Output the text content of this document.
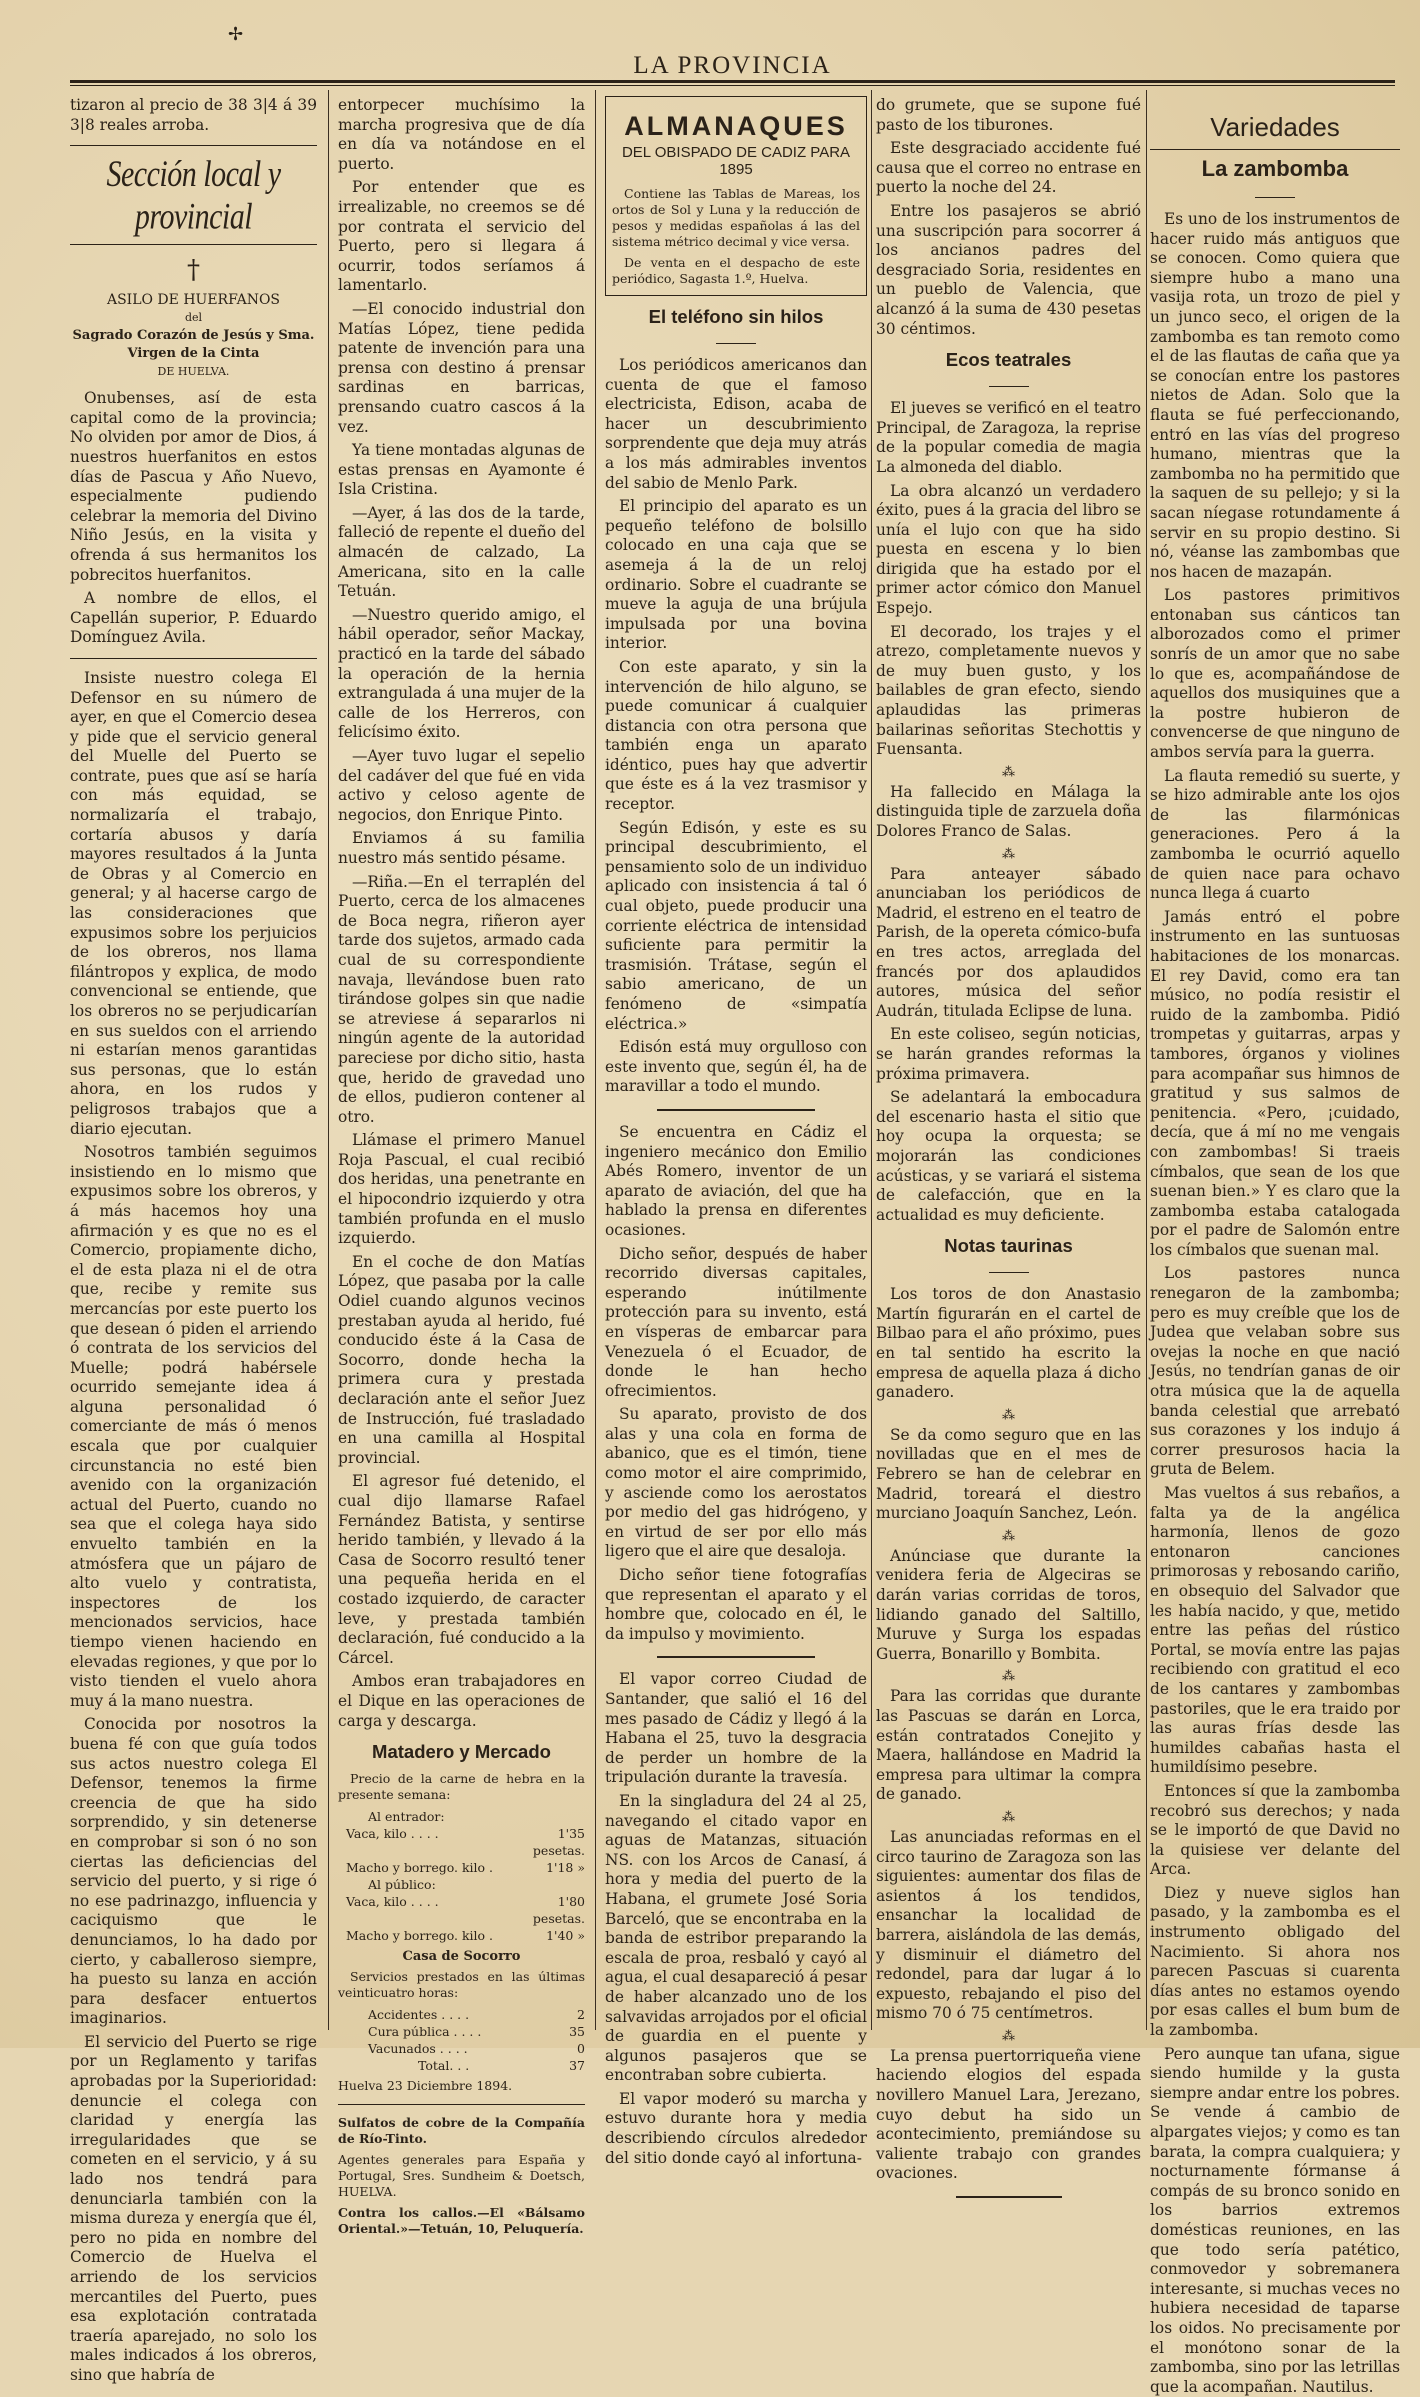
✢
LA PROVINCIA

tizaron al precio de 38 3|4 á 39 3|8 reales arroba.

Sección local y provincial
†

ASILO DE HUERFANOS

del

Sagrado Corazón de Jesús y Sma. Virgen de la Cinta

DE HUELVA.

Onubenses, así de esta capital como de la provincia; No olviden por amor de Dios, á nuestros huerfanitos en estos días de Pascua y Año Nuevo, especialmente pudiendo celebrar la memoria del Divino Niño Jesús, en la visita y ofrenda á sus hermanitos los pobrecitos huerfanitos.

A nombre de ellos, el Capellán superior, P. Eduardo Domínguez Avila.

Insiste nuestro colega El Defensor en su número de ayer, en que el Comercio desea y pide que el servicio general del Muelle del Puerto se contrate, pues que así se haría con más equidad, se normalizaría el trabajo, cortaría abusos y daría mayores resultados á la Junta de Obras y al Comercio en general; y al hacerse cargo de las consideraciones que expusimos sobre los perjuicios de los obreros, nos llama filántropos y explica, de modo convencional se entiende, que los obreros no se perjudicarían en sus sueldos con el arriendo ni estarían menos garantidas sus personas, que lo están ahora, en los rudos y peligrosos trabajos que a diario ejecutan.

Nosotros también seguimos insistiendo en lo mismo que expusimos sobre los obreros, y á más hacemos hoy una afirmación y es que no es el Comercio, propiamente dicho, el de esta plaza ni el de otra que, recibe y remite sus mercancías por este puerto los que desean ó piden el arriendo ó contrata de los servicios del Muelle; podrá habérsele ocurrido semejante idea á alguna personalidad ó comerciante de más ó menos escala que por cualquier circunstancia no esté bien avenido con la organización actual del Puerto, cuando no sea que el colega haya sido envuelto también en la atmósfera que un pájaro de alto vuelo y contratista, inspectores de los mencionados servicios, hace tiempo vienen haciendo en elevadas regiones, y que por lo visto tienden el vuelo ahora muy á la mano nuestra.

Conocida por nosotros la buena fé con que guía todos sus actos nuestro colega El Defensor, tenemos la firme creencia de que ha sido sorprendido, y sin detenerse en comprobar si son ó no son ciertas las deficiencias del servicio del puerto, y si rige ó no ese padrinazgo, influencia y caciquismo que le denunciamos, lo ha dado por cierto, y caballeroso siempre, ha puesto su lanza en acción para desfacer entuertos imaginarios.

El servicio del Puerto se rige por un Reglamento y tarifas aprobadas por la Superioridad: denuncie el colega con claridad y energía las irregularidades que se cometen en el servicio, y á su lado nos tendrá para denunciarla también con la misma dureza y energía que él, pero no pida en nombre del Comercio de Huelva el arriendo de los servicios mercantiles del Puerto, pues esa explotación contratada traería aparejado, no solo los males indicados á los obreros, sino que habría de

entorpecer muchísimo la marcha progresiva que de día en día va notándose en el puerto.

Por entender que es irrealizable, no creemos se dé por contrata el servicio del Puerto, pero si llegara á ocurrir, todos seríamos á lamentarlo.

—El conocido industrial don Matías López, tiene pedida patente de invención para una prensa con destino á prensar sardinas en barricas, prensando cuatro cascos á la vez.

Ya tiene montadas algunas de estas prensas en Ayamonte é Isla Cristina.

—Ayer, á las dos de la tarde, falleció de repente el dueño del almacén de calzado, La Americana, sito en la calle Tetuán.

—Nuestro querido amigo, el hábil operador, señor Mackay, practicó en la tarde del sábado la operación de la hernia extrangulada á una mujer de la calle de los Herreros, con felicísimo éxito.

—Ayer tuvo lugar el sepelio del cadáver del que fué en vida activo y celoso agente de negocios, don Enrique Pinto.

Enviamos á su familia nuestro más sentido pésame.

—Riña.—En el terraplén del Puerto, cerca de los almacenes de Boca negra, riñeron ayer tarde dos sujetos, armado cada cual de su correspondiente navaja, llevándose buen rato tirándose golpes sin que nadie se atreviese á separarlos ni ningún agente de la autoridad pareciese por dicho sitio, hasta que, herido de gravedad uno de ellos, pudieron contener al otro.

Llámase el primero Manuel Roja Pascual, el cual recibió dos heridas, una penetrante en el hipocondrio izquierdo y otra también profunda en el muslo izquierdo.

En el coche de don Matías López, que pasaba por la calle Odiel cuando algunos vecinos prestaban ayuda al herido, fué conducido éste á la Casa de Socorro, donde hecha la primera cura y prestada declaración ante el señor Juez de Instrucción, fué trasladado en una camilla al Hospital provincial.

El agresor fué detenido, el cual dijo llamarse Rafael Fernández Batista, y sentirse herido también, y llevado á la Casa de Socorro resultó tener una pequeña herida en el costado izquierdo, de caracter leve, y prestada también declaración, fué conducido a la Cárcel.

Ambos eran trabajadores en el Dique en las operaciones de carga y descarga.

Matadero y Mercado
Precio de la carne de hebra en la presente semana:
Al entrador:
Vaca, kilo . . . .	1'35 pesetas.
Macho y borrego. kilo .	1'18 »
Al público:
Vaca, kilo . . . .	1'80 pesetas.
Macho y borrego. kilo .	1'40 »
Casa de Socorro
Servicios prestados en las últimas veinticuatro horas:
Accidentes . . . .	2
Cura pública . . . .	35
Vacunados . . . .	0
Total. . .	37
Huelva 23 Diciembre 1894.
Sulfatos de cobre de la Compañía de Río-Tinto.
Agentes generales para España y Portugal, Sres. Sundheim & Doetsch, HUELVA.
Contra los callos.—El «Bálsamo Oriental.»—Tetuán, 10, Peluquería.
ALMANAQUES
DEL OBISPADO DE CADIZ PARA 1895
Contiene las Tablas de Mareas, los ortos de Sol y Luna y la reducción de pesos y medidas españolas á las del sistema métrico decimal y vice versa.
De venta en el despacho de este periódico, Sagasta 1.º, Huelva.
El teléfono sin hilos

Los periódicos americanos dan cuenta de que el famoso electricista, Edison, acaba de hacer un descubrimiento sorprendente que deja muy atrás a los más admirables inventos del sabio de Menlo Park.

El principio del aparato es un pequeño teléfono de bolsillo colocado en una caja que se asemeja á la de un reloj ordinario. Sobre el cuadrante se mueve la aguja de una brújula impulsada por una bovina interior.

Con este aparato, y sin la intervención de hilo alguno, se puede comunicar á cualquier distancia con otra persona que también enga un aparato idéntico, pues hay que advertir que éste es á la vez trasmisor y receptor.

Según Edisón, y este es su principal descubrimiento, el pensamiento solo de un individuo aplicado con insistencia á tal ó cual objeto, puede producir una corriente eléctrica de intensidad suficiente para permitir la trasmisión. Trátase, según el sabio americano, de un fenómeno de «simpatía eléctrica.»

Edisón está muy orgulloso con este invento que, según él, ha de maravillar a todo el mundo.

Se encuentra en Cádiz el ingeniero mecánico don Emilio Abés Romero, inventor de un aparato de aviación, del que ha hablado la prensa en diferentes ocasiones.

Dicho señor, después de haber recorrido diversas capitales, esperando inútilmente protección para su invento, está en vísperas de embarcar para Venezuela ó el Ecuador, de donde le han hecho ofrecimientos.

Su aparato, provisto de dos alas y una cola en forma de abanico, que es el timón, tiene como motor el aire comprimido, y asciende como los aerostatos por medio del gas hidrógeno, y en virtud de ser por ello más ligero que el aire que desaloja.

Dicho señor tiene fotografías que representan el aparato y el hombre que, colocado en él, le da impulso y movimiento.

El vapor correo Ciudad de Santander, que salió el 16 del mes pasado de Cádiz y llegó á la Habana el 25, tuvo la desgracia de perder un hombre de la tripulación durante la travesía.

En la singladura del 24 al 25, navegando el citado vapor en aguas de Matanzas, situación NS. con los Arcos de Canasí, á hora y media del puerto de la Habana, el grumete José Soria Barceló, que se encontraba en la banda de estribor preparando la escala de proa, resbaló y cayó al agua, el cual desapareció á pesar de haber alcanzado uno de los salvavidas arrojados por el oficial de guardia en el puente y algunos pasajeros que se encontraban sobre cubierta.

El vapor moderó su marcha y estuvo durante hora y media describiendo círculos alrededor del sitio donde cayó al infortuna-

do grumete, que se supone fué pasto de los tiburones.

Este desgraciado accidente fué causa que el correo no entrase en puerto la noche del 24.

Entre los pasajeros se abrió una suscripción para socorrer á los ancianos padres del desgraciado Soria, residentes en un pueblo de Valencia, que alcanzó á la suma de 430 pesetas 30 céntimos.

Ecos teatrales

El jueves se verificó en el teatro Principal, de Zaragoza, la reprise de la popular comedia de magia La almoneda del diablo.

La obra alcanzó un verdadero éxito, pues á la gracia del libro se unía el lujo con que ha sido puesta en escena y lo bien dirigida que ha estado por el primer actor cómico don Manuel Espejo.

El decorado, los trajes y el atrezo, completamente nuevos y de muy buen gusto, y los bailables de gran efecto, siendo aplaudidas las primeras bailarinas señoritas Stechottis y Fuensanta.

⁂

Ha fallecido en Málaga la distinguida tiple de zarzuela doña Dolores Franco de Salas.

⁂

Para anteayer sábado anunciaban los periódicos de Madrid, el estreno en el teatro de Parish, de la opereta cómico-bufa en tres actos, arreglada del francés por dos aplaudidos autores, música del señor Audrán, titulada Eclipse de luna.

En este coliseo, según noticias, se harán grandes reformas la próxima primavera.

Se adelantará la embocadura del escenario hasta el sitio que hoy ocupa la orquesta; se mojorarán las condiciones acústicas, y se variará el sistema de calefacción, que en la actualidad es muy deficiente.

Notas taurinas

Los toros de don Anastasio Martín figurarán en el cartel de Bilbao para el año próximo, pues en tal sentido ha escrito la empresa de aquella plaza á dicho ganadero.

⁂

Se da como seguro que en las novilladas que en el mes de Febrero se han de celebrar en Madrid, toreará el diestro murciano Joaquín Sanchez, León.

⁂

Anúnciase que durante la venidera feria de Algeciras se darán varias corridas de toros, lidiando ganado del Saltillo, Muruve y Surga los espadas Guerra, Bonarillo y Bombita.

⁂

Para las corridas que durante las Pascuas se darán en Lorca, están contratados Conejito y Maera, hallándose en Madrid la empresa para ultimar la compra de ganado.

⁂

Las anunciadas reformas en el circo taurino de Zaragoza son las siguientes: aumentar dos filas de asientos á los tendidos, ensanchar la localidad de barrera, aislándola de las demás, y disminuir el diámetro del redondel, para dar lugar á lo expuesto, rebajando el piso del mismo 70 ó 75 centímetros.

⁂

La prensa puertorriqueña viene haciendo elogios del espada novillero Manuel Lara, Jerezano, cuyo debut ha sido un acontecimiento, premiándose su valiente trabajo con grandes ovaciones.

Variedades
La zambomba

Es uno de los instrumentos de hacer ruido más antiguos que se conocen. Como quiera que siempre hubo a mano una vasija rota, un trozo de piel y un junco seco, el origen de la zambomba es tan remoto como el de las flautas de caña que ya se conocían entre los pastores nietos de Adan. Solo que la flauta se fué perfeccionando, entró en las vías del progreso humano, mientras que la zambomba no ha permitido que la saquen de su pellejo; y si la sacan níegase rotundamente á servir en su propio destino. Si nó, véanse las zambombas que nos hacen de mazapán.

Los pastores primitivos entonaban sus cánticos tan alborozados como el primer sonrís de un amor que no sabe lo que es, acompañándose de aquellos dos musiquines que a la postre hubieron de convencerse de que ninguno de ambos servía para la guerra.

La flauta remedió su suerte, y se hizo admirable ante los ojos de las filarmónicas generaciones. Pero á la zambomba le ocurrió aquello de quien nace para ochavo nunca llega á cuarto

Jamás entró el pobre instrumento en las suntuosas habitaciones de los monarcas. El rey David, como era tan músico, no podía resistir el ruido de la zambomba. Pidió trompetas y guitarras, arpas y tambores, órganos y violines para acompañar sus himnos de gratitud y sus salmos de penitencia. «Pero, ¡cuidado, decía, que á mí no me vengais con zambombas! Si traeis címbalos, que sean de los que suenan bien.» Y es claro que la zambomba estaba catalogada por el padre de Salomón entre los címbalos que suenan mal.

Los pastores nunca renegaron de la zambomba; pero es muy creíble que los de Judea que velaban sobre sus ovejas la noche en que nació Jesús, no tendrían ganas de oir otra música que la de aquella banda celestial que arrebató sus corazones y los indujo á correr presurosos hacia la gruta de Belem.

Mas vueltos á sus rebaños, a falta ya de la angélica harmonía, llenos de gozo entonaron canciones primorosas y rebosando cariño, en obsequio del Salvador que les había nacido, y que, metido entre las peñas del rústico Portal, se movía entre las pajas recibiendo con gratitud el eco de los cantares y zambombas pastoriles, que le era traido por las auras frías desde las humildes cabañas hasta el humildísimo pesebre.

Entonces sí que la zambomba recobró sus derechos; y nada se le importó de que David no la quisiese ver delante del Arca.

Diez y nueve siglos han pasado, y la zambomba es el instrumento obligado del Nacimiento. Si ahora nos parecen Pascuas si cuarenta días antes no estamos oyendo por esas calles el bum bum de la zambomba.

Pero aunque tan ufana, sigue siendo humilde y la gusta siempre andar entre los pobres. Se vende á cambio de alpargates viejos; y como es tan barata, la compra cualquiera; y nocturnamente fórmanse á compás de su bronco sonido en los barrios extremos domésticas reuniones, en las que todo sería patético, conmovedor y sobremanera interesante, si muchas veces no hubiera necesidad de taparse los oidos. No precisamente por el monótono sonar de la zambomba, sino por las letrillas que la acompañan. Nautilus.
